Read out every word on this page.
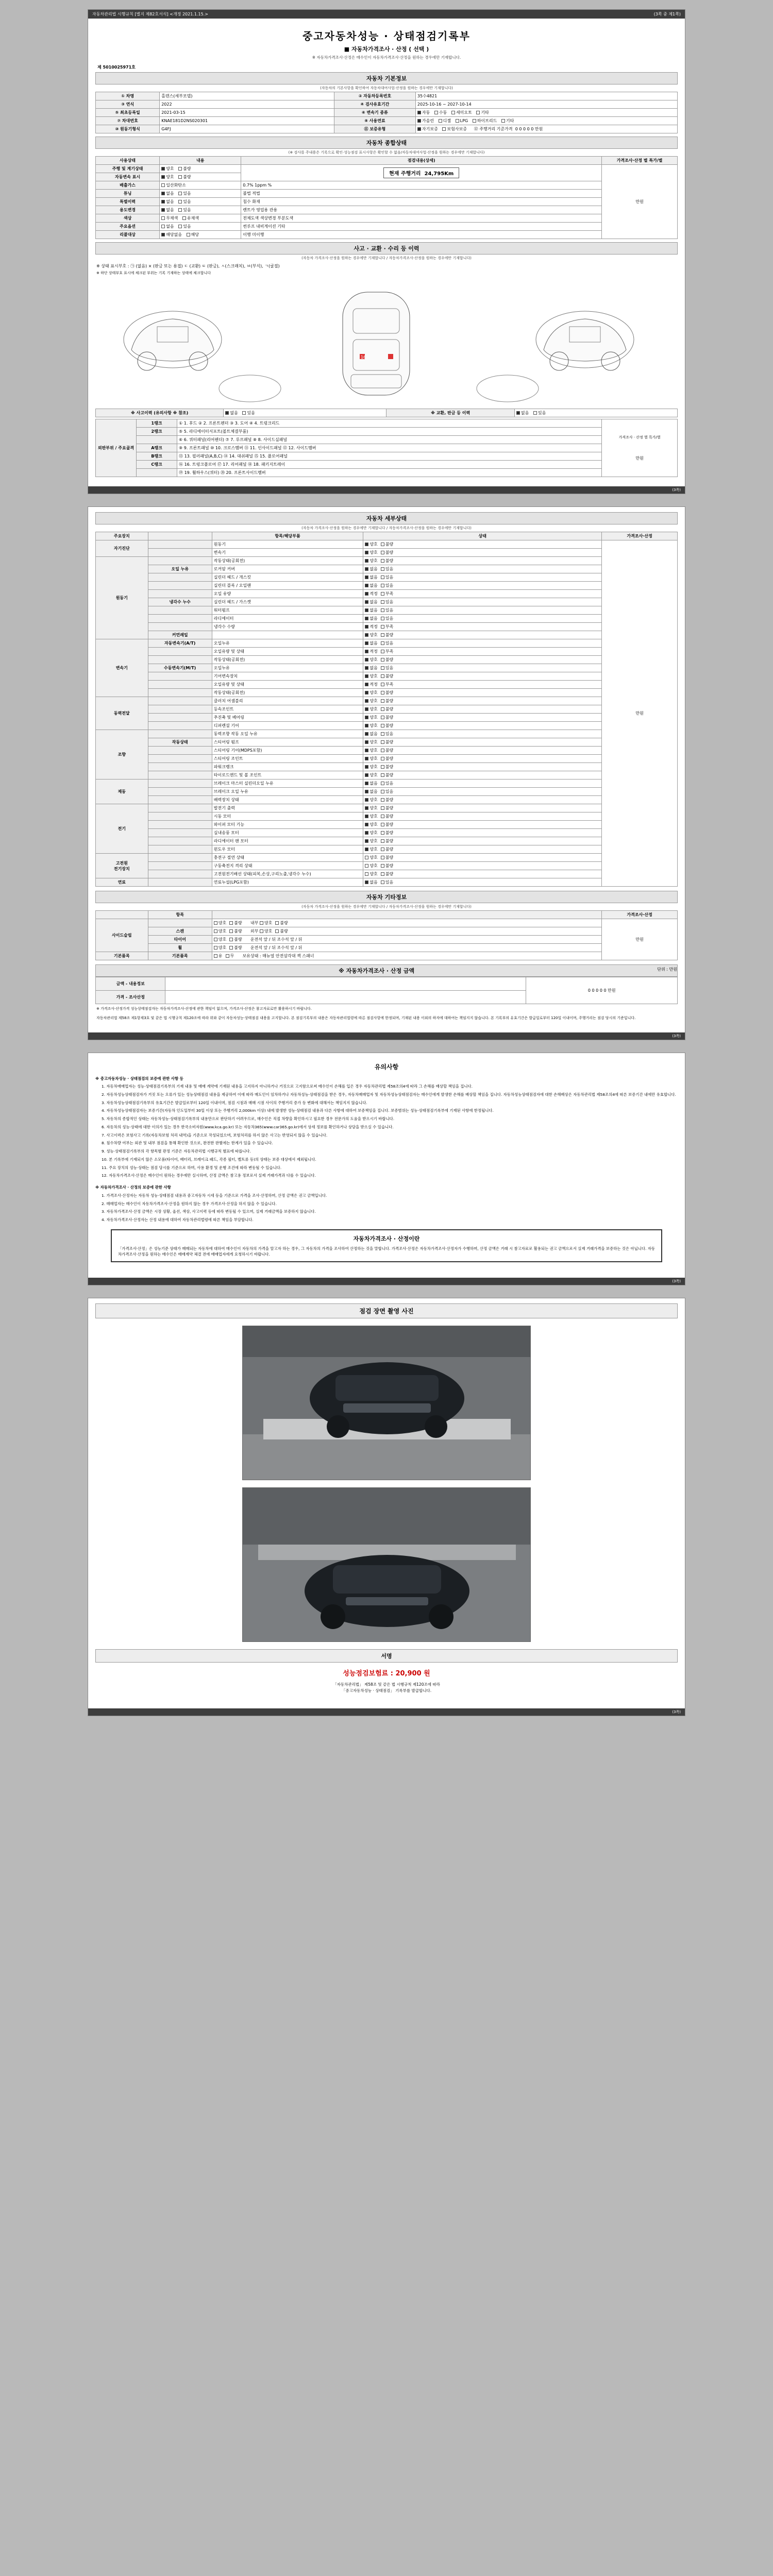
자동차관리법 시행규칙 [별지 제82호서식] <개정 2021.1.15.>	(3쪽 중 제1쪽)
중고자동차성능 · 상태점검기록부
■ 자동차가격조사 · 산정 ( 선택 )
※ 자동차가격조사·산정은 매수인이 자동차가격조사·산정을 원하는 경우에만 기재합니다.
제 5010025971호
자동차 기본정보
(자동차의 기본사항을 확인하여 자동차대여사업·산정을 원하는 경우에만 기재합니다)
① 차명	홀덴스(세부모델)	② 자동차등록번호	35수4821
③ 연식	2022	④ 검사유효기간	2025-10-16 ~ 2027-10-14
⑤ 최초등록일	2021-03-15	⑥ 변속기 종류	자동 수동 세미오토 기타
⑦ 차대번호	KNAE181D2NS020301	⑧ 사용연료	가솔린 디젤 LPG 하이브리드 기타
⑩ 원동기형식	G4FJ	⑪ 보증유형	자기보증 보험사보증 ⑫ 주행거리 기준가격 0 0 0 0 0 만원
자동차 종합상태
(※ 검사를 주내용은 기록으로 확인·성능점검 표시사항은 확인할 수 없음/자동차대여사업·산정을 원하는 경우에만 기재합니다)
사용상태	내용	점검내용(상세)	가격조사·산정 별 특가/별
주행 및 계기상태	양호 불량	현재 주행거리 24,795Km	만원
자동변속 표시	양호 불량		
배출가스	일산화탄소	0.7% 1ppm %	
튜닝	없음 있음	불법 적법	
특별이력	없음 있음	침수 화재	
용도변경	없음 있음	렌트카 영업용 관용	
색상	무채색 유채색	전체도색 색상변경 부분도색	
주요옵션	없음 있음	썬루프 내비게이션 기타	
리콜대상	해당없음 해당	이행 미이행	
사고 · 교환 · 수리 등 이력
(자동차 가격조사·산정을 원하는 경우에만 기재합니다 / 자동차가격조사·산정을 원하는 경우에만 기재합니다)
※ 상태 표시부호 : ㉠ (없음) × (판금 또는 용접) ㄷ (교환) ㅌ (판금), ㅅ(스크래치), ㅂ(부식), ㄱ(굴절)
※ 하단 상태부호 표시에 체크된 부위는 기록 기재하는 상태에 체크합니다
16
※ 사고이력 (유의사항 ※ 참조)	없음 있음	※ 교환, 판금 등 이력	없음 있음
외판부위 / 주요골격	1랭크	① 1. 후드 ② 2. 프론트펜더 ③ 3. 도어 ④ 4. 트렁크리드	가격조사 · 산정 별 특가/별
만원

	2랭크	⑤ 5. 라디에이터서포트(볼트체결부품)	
		⑥ 6. 쿼터패널(리어펜더) ⑦ 7. 루프패널 ⑧ 8. 사이드실패널	
	A랭크	⑨ 9. 프론트패널 ⑩ 10. 크로스멤버 ⑪ 11. 인사이드패널 ⑫ 12. 사이드멤버	
	B랭크	⑬ 13. 필러패널(A,B,C) ⑭ 14. 대쉬패널 ⑮ 15. 플로어패널	
	C랭크	⑯ 16. 트렁크플로어 ⑰ 17. 리어패널 ⑱ 18. 패키지트레이	
		⑲ 19. 휠하우스(쿼터) ⑳ 20. 프론트사이드멤버	
(3쪽)
자동차 세부상태
(자동차 가격조사·산정을 원하는 경우에만 기재합니다 / 자동차가격조사·산정을 원하는 경우에만 기재합니다)
주요장치		항목/해당부품	상태	가격조사·산정
자기진단		원동기	양호 불량	만원
		변속기	양호 불량	
원동기		작동상태(공회전)	양호 불량	
	오일 누유	로커암 커버	없음 있음	
		실린더 헤드 / 개스킷	없음 있음	
		실린더 블록 / 오일팬	없음 있음	
		오일 유량	적정 부족	
	냉각수 누수	실린더 헤드 / 가스켓	없음 있음	
		워터펌프	없음 있음	
		라디에이터	없음 있음	
		냉각수 수량	적정 부족	
	커먼레일		양호 불량	
변속기	자동변속기(A/T)	오일누유	없음 있음	
		오일유량 및 상태	적정 부족	
		작동상태(공회전)	양호 불량	
	수동변속기(M/T)	오일누유	없음 있음	
		기어변속장치	양호 불량	
		오일유량 및 상태	적정 부족	
		작동상태(공회전)	양호 불량	
동력전달		클러치 어셈블리	양호 불량	
		등속조인트	양호 불량	
		추진축 및 베어링	양호 불량	
		디퍼렌셜 기어	양호 불량	
조향		동력조향 작동 오일 누유	없음 있음	
	작동상태	스티어링 펌프	양호 불량	
		스티어링 기어(MDPS포함)	양호 불량	
		스티어링 조인트	양호 불량	
		파워크랭크	양호 불량	
		타이로드엔드 및 볼 조인트	양호 불량	
제동		브레이크 마스터 실린더오일 누유	없음 있음	
		브레이크 오일 누유	없음 있음	
		배력장치 상태	양호 불량	
전기		발전기 출력	양호 불량	
		시동 모터	양호 불량	
		와이퍼 모터 기능	양호 불량	
		실내송풍 모터	양호 불량	
		라디에이터 팬 모터	양호 불량	
		윈도우 모터	양호 불량	
고전원
전기장치		충전구 절연 상태	양호 불량	
		구동축전지 격리 상태	양호 불량	
		고전원전기배선 상태(피복,손상,구리노출,냉각수 누수)	양호 불량	
연료		연료누설(LPG포함)	없음 있음	
자동차 기타정보
(자동차 가격조사·산정을 원하는 경우에만 기재합니다 / 자동차가격조사·산정을 원하는 경우에만 기재합니다)
	항목		가격조사·산정
사이드슬립		양호 불량    내부 양호 불량	만원
	스캔	양호 불량    외부 양호 불량	
	타이어	양호 불량    운전석 앞 / 뒤 조수석 앞 / 뒤	
	휠	양호 불량    운전석 앞 / 뒤 조수석 앞 / 뒤	
기본품목	기본품목	유 무    보유상태 : 매뉴얼 안전삼각대 잭 스패너	
※ 자동차가격조사 · 산정 금액	단위 : 만원
금액 - 내용정보		0 0 0 0 0 만원
가격 - 조사산정		
※ 가격조사·산정가격 성능상태점검자는 자동차가격조사·산정에 관한 책임이 없으며, 가격조사·산정은 참고자료로만 활용하시기 바랍니다.
자동차관리법 제58조 제1항제3호 및 같은 법 시행규칙 제120조에 따라 위와 같이 자동차성능·상태점검 내용을 고지합니다. 본 점검기록부의 내용은 자동차관리법령에 따른 점검사항에 한정되며, 기재된 내용 이외의 하자에 대하여는 책임지지 않습니다. 본 기록부의 유효기간은 발급일로부터 120일 이내이며, 주행거리는 점검 당시의 기준입니다.
(3쪽)
유의사항

※ 중고자동차성능 · 상태점검의 보증에 관한 사항 등

1. 자동차매매업자는 성능·상태점검기록부의 기재 내용 및 매매 계약에 기재된 내용을 고지하지 아니하거나 거짓으로 고지함으로써 매수인이 손해를 입은 경우 자동차관리법 제58조의4에 따라 그 손해를 배상할 책임을 집니다.

2. 자동차성능상태점검자가 거짓 또는 오류가 있는 성능상태점검 내용을 제공하여 이에 따라 매도인이 임차하거나 자동차성능·상태점검을 받은 경우, 자동차매매업자 및 자동차성능상태점검자는 매수인에게 발생한 손해를 배상할 책임을 집니다. 자동차성능상태점검자에 대한 손해배상은 자동차관리법 제58조의4에 따른 보증기간 내에만 유효합니다.

3. 자동차성능상태점검기록부의 유효기간은 발급일로부터 120일 이내이며, 점검 시점과 매매 시점 사이의 주행거리 증가 등 변화에 대해서는 책임지지 않습니다.

4. 자동차성능상태점검자는 보증기간(자동차 인도일부터 30일 이상 또는 주행거리 2,000km 이상) 내에 발생한 성능·상태점검 내용과 다른 사항에 대하여 보증책임을 집니다. 보증범위는 성능·상태점검기록부에 기재된 사항에 한정됩니다.

5. 자동차의 종합적인 상태는 자동차성능·상태점검기록부의 내용만으로 판단하기 어려우므로, 매수인은 직접 차량을 확인하시고 필요한 경우 전문가의 도움을 받으시기 바랍니다.

6. 자동차의 성능·상태에 대한 이의가 있는 경우 한국소비자원(www.kca.go.kr) 또는 자동차365(www.car365.go.kr)에서 상세 정보를 확인하거나 상담을 받으실 수 있습니다.

7. 사고이력은 보험사고 기록(자동차보험 처리 내역)을 기준으로 작성되었으며, 보험처리를 하지 않은 사고는 반영되지 않을 수 있습니다.

8. 침수차량 여부는 외관 및 내부 점검을 통해 확인한 것으로, 완전한 판별에는 한계가 있을 수 있습니다.

9. 성능·상태점검기록부의 각 항목별 판정 기준은 자동차관리법 시행규칙 별표에 따릅니다.

10. 본 기록부에 기재되지 않은 소모품(타이어, 배터리, 브레이크 패드, 각종 필터, 벨트류 등)의 상태는 보증 대상에서 제외됩니다.

11. 주요 장치의 성능·상태는 점검 당시를 기준으로 하며, 사용 환경 및 운행 조건에 따라 변동될 수 있습니다.

12. 자동차가격조사·산정은 매수인이 원하는 경우에만 실시하며, 산정 금액은 참고용 정보로서 실제 거래가격과 다를 수 있습니다.

※ 자동차가격조사 · 산정의 보증에 관한 사항

1. 가격조사·산정자는 자동차 성능·상태점검 내용과 중고자동차 시세 등을 기준으로 가격을 조사·산정하며, 산정 금액은 권고 금액입니다.

2. 매매업자는 매수인이 자동차가격조사·산정을 원하지 않는 경우 가격조사·산정을 하지 않을 수 있습니다.

3. 자동차가격조사·산정 금액은 시장 상황, 옵션, 색상, 사고이력 등에 따라 변동될 수 있으며, 실제 거래금액을 보증하지 않습니다.

4. 자동차가격조사·산정자는 산정 내용에 대하여 자동차관리법령에 따른 책임을 부담합니다.

자동차가격조사 · 산정이란

「가격조사·산정」은 성능기준 상태가 매매되는 자동차에 대하여 매수인이 자동차의 가격을 알고자 하는 경우, 그 자동차의 가격을 조사하여 산정하는 것을 말합니다. 가격조사·산정은 자동차가격조사·산정자가 수행하며, 산정 금액은 거래 시 참고자료로 활용되는 권고 금액으로서 실제 거래가격을 보증하는 것은 아닙니다. 자동차가격조사·산정을 원하는 매수인은 매매계약 체결 전에 매매업자에게 요청하시기 바랍니다.

(3쪽)
점검 장면 촬영 사진
서명
성능점검보험료 : 20,900 원
「자동차관리법」 제58조 및 같은 법 시행규칙 제120조에 따라
「중고자동차성능 · 상태점검」 기록부를 발급합니다.
(3쪽)
